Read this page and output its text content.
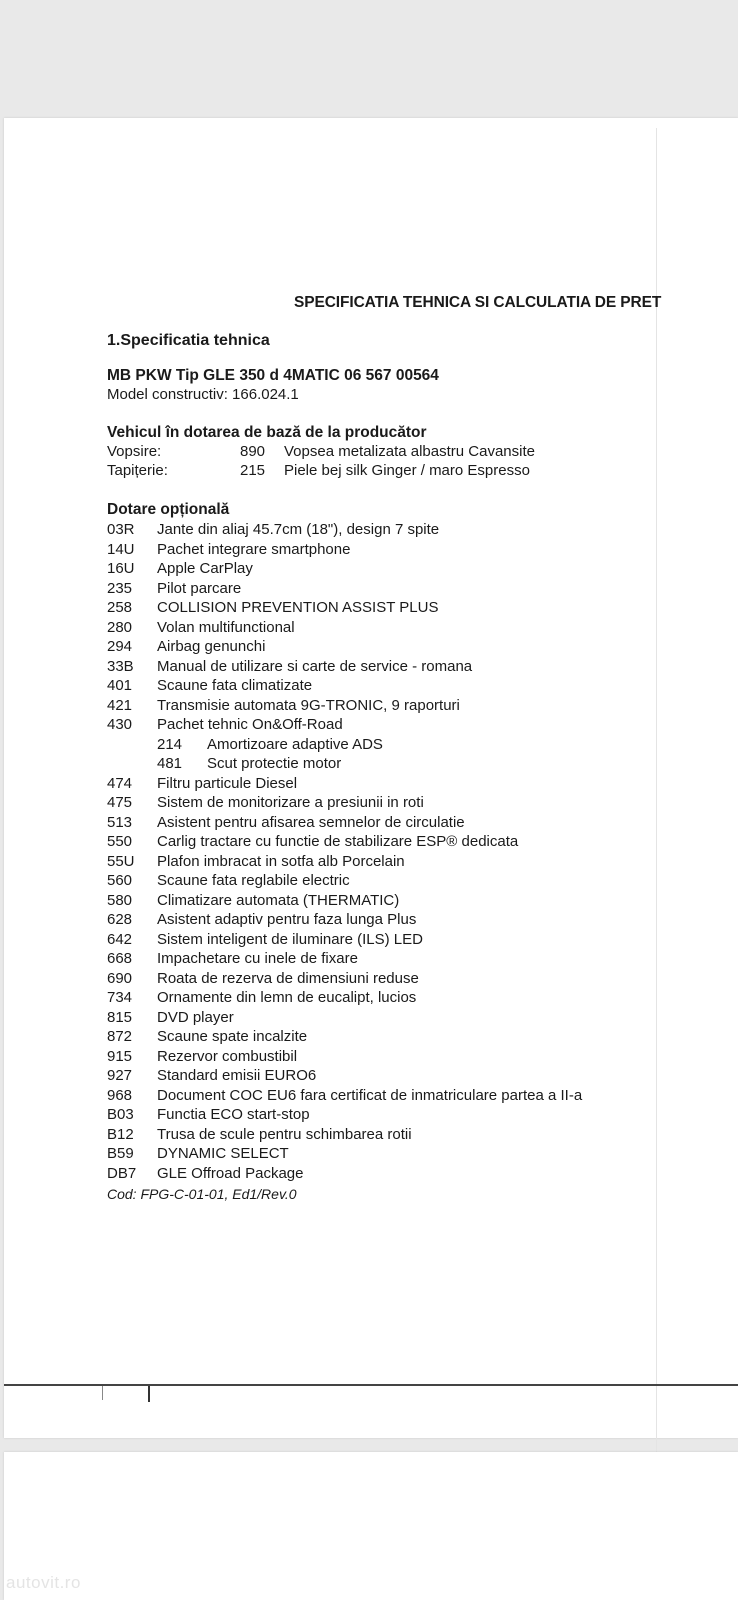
SPECIFICATIA TEHNICA SI CALCULATIA DE PRET
1.Specificatia tehnica
MB PKW Tip GLE 350 d 4MATIC 06 567 00564
Model constructiv: 166.024.1
Vehicul în dotarea de bază de la producător
Vopsire:	890 Vopsea metalizata albastru Cavansite
Tapițerie:	215 Piele bej silk Ginger / maro Espresso
Dotare opțională
03R Jante din aliaj 45.7cm (18"), design 7 spite
14U Pachet integrare smartphone
16U Apple CarPlay
235 Pilot parcare
258 COLLISION PREVENTION ASSIST PLUS
280 Volan multifunctional
294 Airbag genunchi
33B Manual de utilizare si carte de service - romana
401 Scaune fata climatizate
421 Transmisie automata 9G-TRONIC, 9 raporturi
430 Pachet tehnic On&Off-Road
214 Amortizoare adaptive ADS
481 Scut protectie motor
474 Filtru particule Diesel
475 Sistem de monitorizare a presiunii in roti
513 Asistent pentru afisarea semnelor de circulatie
550 Carlig tractare cu functie de stabilizare ESP® dedicata
55U Plafon imbracat in sotfa alb Porcelain
560 Scaune fata reglabile electric
580 Climatizare automata (THERMATIC)
628 Asistent adaptiv pentru faza lunga Plus
642 Sistem inteligent de iluminare (ILS) LED
668 Impachetare cu inele de fixare
690 Roata de rezerva de dimensiuni reduse
734 Ornamente din lemn de eucalipt, lucios
815 DVD player
872 Scaune spate incalzite
915 Rezervor combustibil
927 Standard emisii EURO6
968 Document COC EU6 fara certificat de inmatriculare partea a II-a
B03 Functia ECO start-stop
B12 Trusa de scule pentru schimbarea rotii
B59 DYNAMIC SELECT
DB7 GLE Offroad Package
Cod: FPG-C-01-01, Ed1/Rev.0
autovit.ro
